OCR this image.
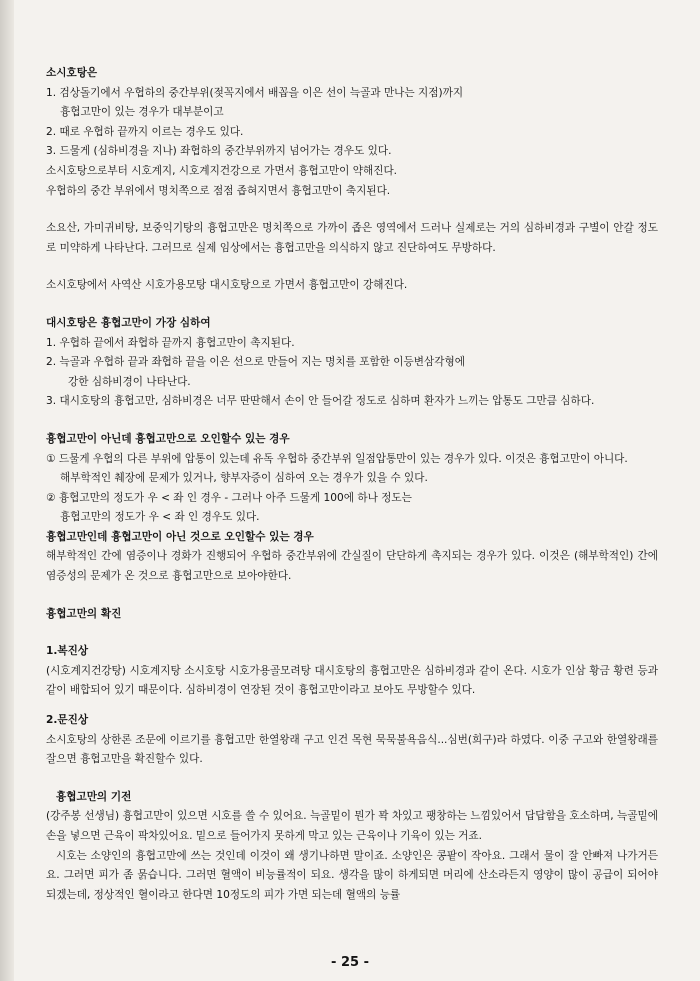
소시호탕은
1. 검상돌기에서 우협하의 중간부위(젖꼭지에서 배꼽을 이은 선이 늑골과 만나는 지점)까지
흉협고만이 있는 경우가 대부분이고
2. 때로 우협하 끝까지 이르는 경우도 있다.
3. 드물게 (심하비경을 지나) 좌협하의 중간부위까지 넘어가는 경우도 있다.
소시호탕으로부터 시호계지, 시호계지건강으로 가면서 흉협고만이 약해진다.
우협하의 중간 부위에서 명치쪽으로 점점 좁혀지면서 흉협고만이 축지된다.
소요산, 가미귀비탕, 보중익기탕의 흉협고만은 명치쪽으로 가까이 좁은 영역에서 드러나 실제로는 거의 심하비경과 구별이 안갈 정도로 미약하게 나타난다. 그러므로 실제 임상에서는 흉협고만을 의식하지 않고 진단하여도 무방하다.
소시호탕에서 사역산 시호가용모탕 대시호탕으로 가면서 흉협고만이 강해진다.
대시호탕은 흉협고만이 가장 심하여
1. 우협하 끝에서 좌협하 끝까지 흉협고만이 촉지된다.
2. 늑골과 우협하 끝과 좌협하 끝을 이은 선으로 만들어 지는 명치를 포함한 이등변삼각형에
강한 심하비경이 나타난다.
3. 대시호탕의 흉협고만, 심하비경은 너무 딴딴해서 손이 안 들어갈 정도로 심하며 환자가 느끼는 압통도 그만큼 심하다.
흉협고만이 아닌데 흉협고만으로 오인할수 있는 경우
① 드물게 우협의 다른 부위에 압통이 있는데 유독 우협하 중간부위 일점압통만이 있는 경우가 있다. 이것은 흉협고만이 아니다.
해부학적인 췌장에 문제가 있거나, 향부자증이 심하여 오는 경우가 있을 수 있다.
② 흉협고만의 정도가 우 < 좌 인 경우 - 그러나 아주 드물게 100에 하나 정도는
흉협고만의 정도가 우 < 좌 인 경우도 있다.
흉협고만인데 흉협고만이 아닌 것으로 오인할수 있는 경우
해부학적인 간에 염증이나 경화가 진행되어 우협하 중간부위에 간실질이 단단하게 촉지되는 경우가 있다. 이것은 (해부학적인) 간에 염증성의 문제가 온 것으로 흉협고만으로 보아야한다.
흉협고만의 확진
1.복진상
(시호계지건강탕) 시호계지탕 소시호탕 시호가용골모려탕 대시호탕의 흉협고만은 심하비경과 같이 온다. 시호가 인삼 황금 황련 등과 같이 배합되어 있기 때문이다. 심하비경이 연장된 것이 흉협고만이라고 보아도 무방할수 있다.
2.문진상
소시호탕의 상한론 조문에 이르기를 흉협고만 한열왕래 구고 인건 목현 묵묵불욕음식...심번(희구)라 하였다. 이중 구고와 한열왕래를 잘으면 흉협고만을 확진할수 있다.
흉협고만의 기전
(강주봉 선생님) 흉협고만이 있으면 시호를 쓸 수 있어요. 늑골밑이 뭔가 꽉 차있고 팽창하는 느낌있어서 답답함을 호소하며, 늑골밑에 손을 넣으면 근육이 팍차있어요. 밑으로 들어가지 못하게 막고 있는 근육이나 기육이 있는 거죠.
시호는 소양인의 흉협고만에 쓰는 것인데 이것이 왜 생기나하면 말이죠. 소양인은 콩팥이 작아요. 그래서 물이 잘 안빠져 나가거든요. 그러면 피가 좀 묽습니다. 그러면 혈액이 비능률적이 되요. 생각을 많이 하게되면 머리에 산소라든지 영양이 많이 공급이 되어야 되겠는데, 정상적인 혈이라고 한다면 10정도의 피가 가면 되는데 혈액의 능률
- 25 -
